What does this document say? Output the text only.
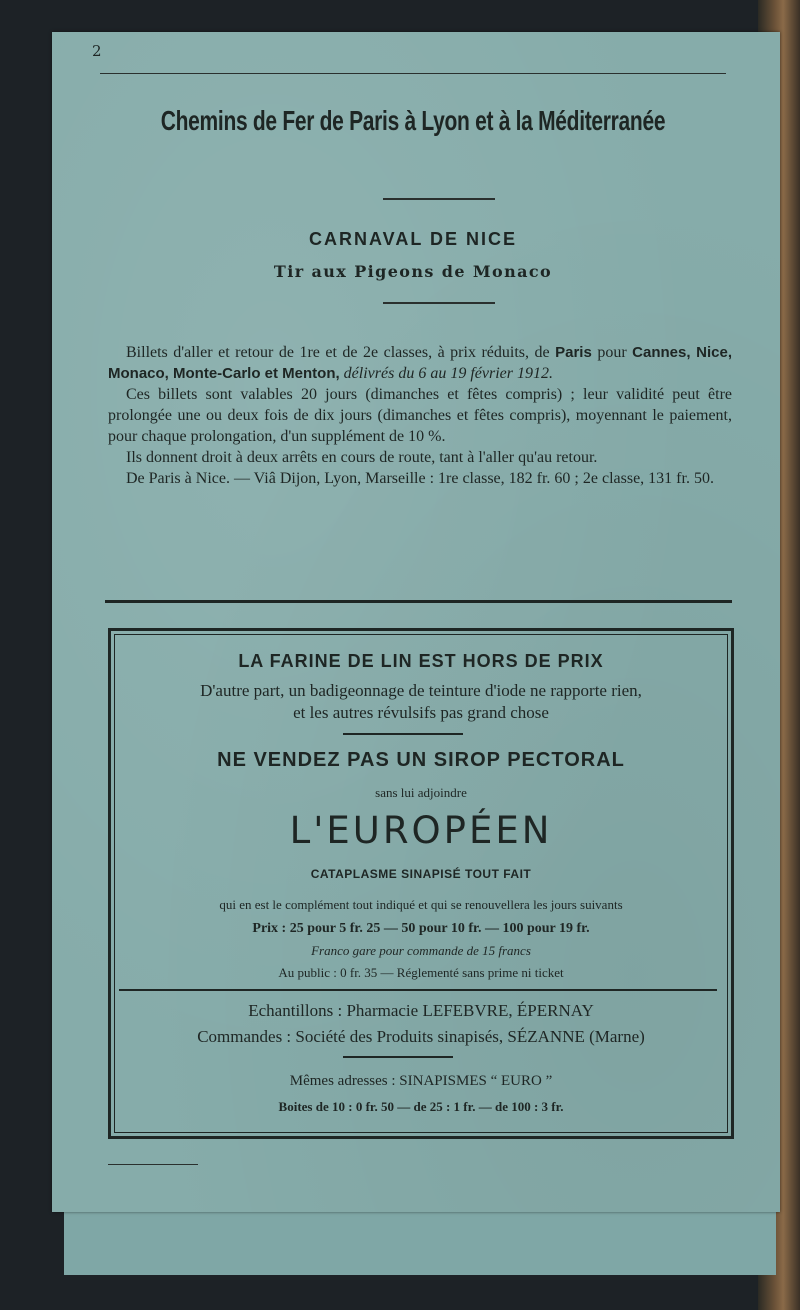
2
Chemins de Fer de Paris à Lyon et à la Méditerranée
CARNAVAL DE NICE
Tir aux Pigeons de Monaco

Billets d'aller et retour de 1re et de 2e classes, à prix réduits, de Paris pour Cannes, Nice, Monaco, Monte-Carlo et Menton, délivrés du 6 au 19 février 1912.

Ces billets sont valables 20 jours (dimanches et fêtes compris) ; leur validité peut être prolongée une ou deux fois de dix jours (dimanches et fêtes compris), moyennant le paiement, pour chaque prolongation, d'un supplément de 10 %.

Ils donnent droit à deux arrêts en cours de route, tant à l'aller qu'au retour.

De Paris à Nice. — Viâ Dijon, Lyon, Marseille : 1re classe, 182 fr. 60 ; 2e classe, 131 fr. 50.

LA FARINE DE LIN EST HORS DE PRIX
D'autre part, un badigeonnage de teinture d'iode ne rapporte rien,
et les autres révulsifs pas grand chose
NE VENDEZ PAS UN SIROP PECTORAL
sans lui adjoindre
L'EUROPÉEN
CATAPLASME SINAPISÉ TOUT FAIT
qui en est le complément tout indiqué et qui se renouvellera les jours suivants
Prix : 25 pour 5 fr. 25 — 50 pour 10 fr. — 100 pour 19 fr.
Franco gare pour commande de 15 francs
Au public : 0 fr. 35 — Réglementé sans prime ni ticket
Echantillons : Pharmacie LEFEBVRE, ÉPERNAY
Commandes : Société des Produits sinapisés, SÉZANNE (Marne)
Mêmes adresses : SINAPISMES “ EURO ”
Boites de 10 : 0 fr. 50 — de 25 : 1 fr. — de 100 : 3 fr.
